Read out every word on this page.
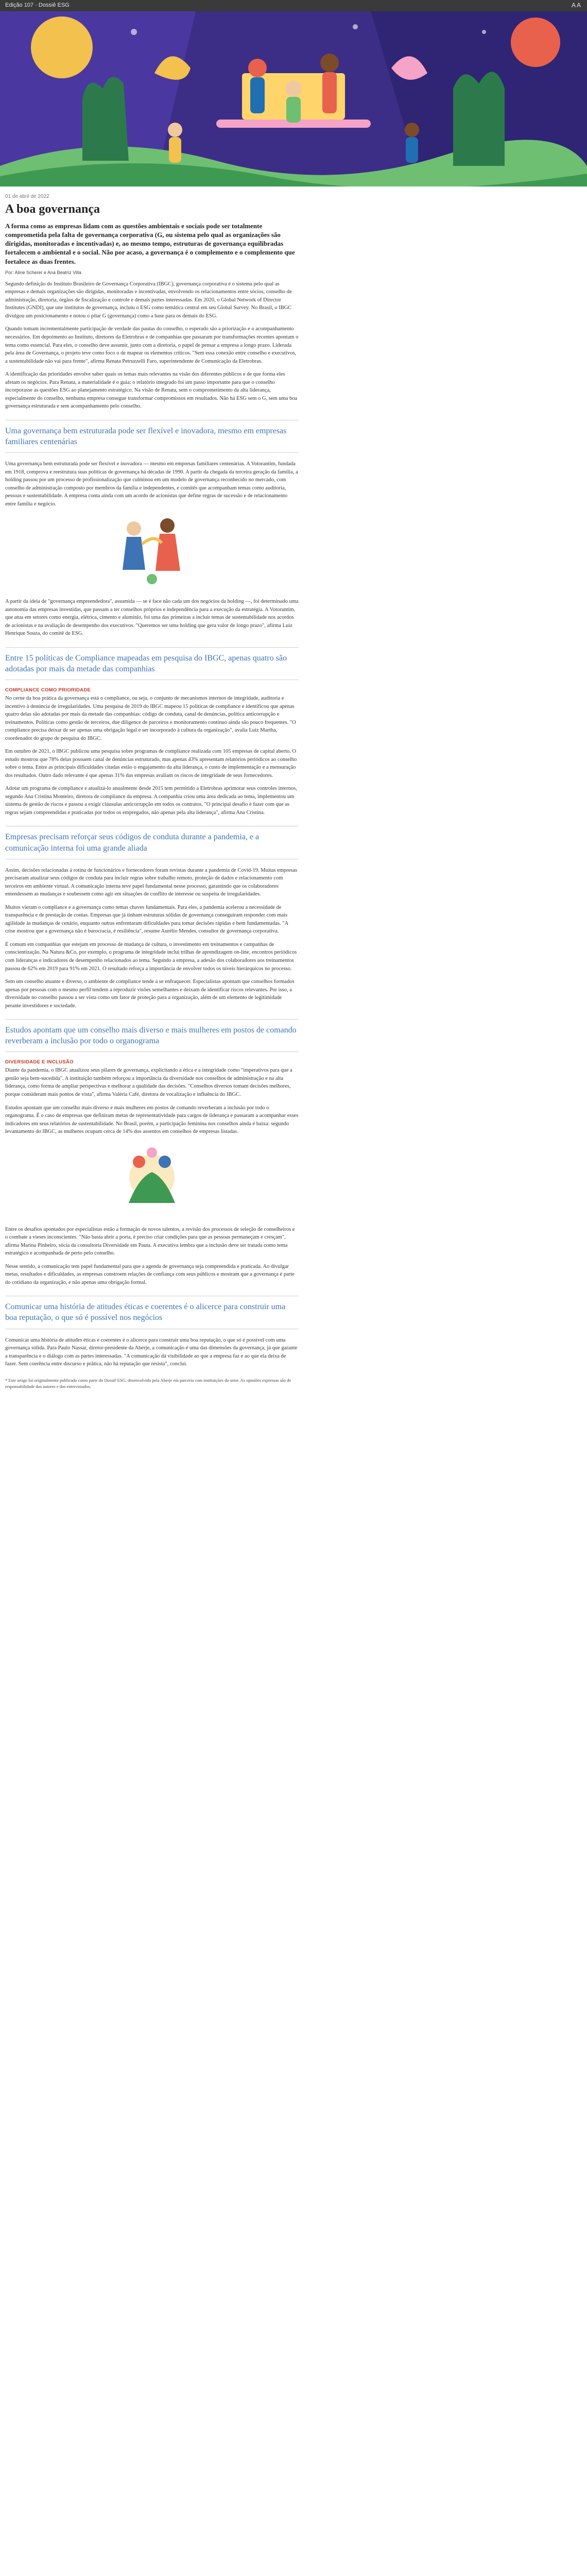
Edição 107 · Dossiê ESG	AA
01 de abril de 2022
A boa governança

A forma como as empresas lidam com as questões ambientais e sociais pode ser totalmente comprometida pela falta de governança corporativa (G, ou sistema pelo qual as organizações são dirigidas, monitoradas e incentivadas) e, ao mesmo tempo, estruturas de governança equilibradas fortalecem o ambiental e o social. Não por acaso, a governança é o complemento e o complemento que fortalece as duas frentes.

Por: Aline Scherer e Ana Beatriz Villa

Segundo definição do Instituto Brasileiro de Governança Corporativa (IBGC), governança corporativa é o sistema pelo qual as empresas e demais organizações são dirigidas, monitoradas e incentivadas, envolvendo os relacionamentos entre sócios, conselho de administração, diretoria, órgãos de fiscalização e controle e demais partes interessadas. Em 2020, o Global Network of Director Institutes (GNDI), que une institutos de governança, incluiu o ESG como temática central em seu Global Survey. No Brasil, o IBGC divulgou um posicionamento e notou o pilar G (governança) como a base para os demais do ESG.

Quando tomam incrementalmente participação de verdade das pautas do conselho, o esperado são a priorização e o acompanhamento necessários. Em depoimento ao Instituto, diretores da Eletrobras e de companhias que passaram por transformações recentes apontam o tema como essencial. Para eles, o conselho deve assumir, junto com a diretoria, o papel de pensar a empresa a longo prazo. Liderada pela área de Governança, o projeto teve como foco o de mapear os elementos críticos. "Sem essa conexão entre conselho e executivos, a sustentabilidade não vai para frente", afirma Renata Petruzzelli Faro, superintendente de Comunicação da Eletrobras.

A identificação das prioridades envolve saber quais os temas mais relevantes na visão dos diferentes públicos e de que forma eles afetam os negócios. Para Renata, a materialidade é o guia: o relatório integrado foi um passo importante para que o conselho incorporasse as questões ESG ao planejamento estratégico. Na visão de Renata, sem o comprometimento da alta liderança, especialmente do conselho, nenhuma empresa consegue transformar compromissos em resultados. Não há ESG sem o G, sem uma boa governança estruturada e sem acompanhamento pelo conselho.

Uma governança bem estruturada pode ser flexível e inovadora, mesmo em empresas familiares centenárias

Uma governança bem estruturada pode ser flexível e inovadora — mesmo em empresas familiares centenárias. A Votorantim, fundada em 1918, comprova e reestrutura suas políticas de governança há décadas de 1990. A partir da chegada da terceira geração da família, a holding passou por um processo de profissionalização que culminou em um modelo de governança reconhecido no mercado, com conselho de administração composto por membros da família e independentes, e comitês que acompanham temas como auditoria, pessoas e sustentabilidade. A empresa conta ainda com um acordo de acionistas que define regras de sucessão e de relacionamento entre família e negócio.

A partir da ideia de "governança empreendedora", assumida — se é face não cada um dos negócios da holding —, foi determinado uma autonomia das empresas investidas, que passam a ter conselhos próprios e independência para a execução da estratégia. A Votorantim, que atua em setores como energia, elétrica, cimento e alumínio, foi uma das primeiras a incluir temas de sustentabilidade nos acordos de acionistas e na avaliação de desempenho dos executivos. "Queremos ser uma holding que gera valor de longo prazo", afirma Luiz Henrique Souza, do comitê de ESG.

Entre 15 políticas de Compliance mapeadas em pesquisa do IBGC, apenas quatro são adotadas por mais da metade das companhias
COMPLIANCE COMO PRIORIDADE

No cerne da boa prática da governança está o compliance, ou seja, o conjunto de mecanismos internos de integridade, auditoria e incentivo à denúncia de irregularidades. Uma pesquisa de 2019 do IBGC mapeou 15 políticas de compliance e identificou que apenas quatro delas são adotadas por mais da metade das companhias: código de conduta, canal de denúncias, política anticorrupção e treinamentos. Políticas como gestão de terceiros, due diligence de parceiros e monitoramento contínuo ainda são pouco frequentes. "O compliance precisa deixar de ser apenas uma obrigação legal e ser incorporado à cultura da organização", avalia Luiz Martha, coordenador do grupo de pesquisa do IBGC.

Em outubro de 2021, o IBGC publicou uma pesquisa sobre programas de compliance realizada com 105 empresas de capital aberto. O estudo mostrou que 78% delas possuem canal de denúncias estruturado, mas apenas 43% apresentam relatórios periódicos ao conselho sobre o tema. Entre as principais dificuldades citadas estão o engajamento da alta liderança, o custo de implementação e a mensuração dos resultados. Outro dado relevante é que apenas 31% das empresas avaliam os riscos de integridade de seus fornecedores.

Adotar um programa de compliance e atualizá-lo anualmente desde 2015 tem permitido a Eletrobras aprimorar seus controles internos, segundo Ana Cristina Monteiro, diretora de compliance da empresa. A companhia criou uma área dedicada ao tema, implementou um sistema de gestão de riscos e passou a exigir cláusulas anticorrupção em todos os contratos. "O principal desafio é fazer com que as regras sejam compreendidas e praticadas por todos os empregados, não apenas pela alta liderança", afirma Ana Cristina.

Empresas precisam reforçar seus códigos de conduta durante a pandemia, e a comunicação interna foi uma grande aliada

Assim, decisões relacionadas à rotina de funcionários e fornecedores foram revistas durante a pandemia de Covid-19. Muitas empresas precisaram atualizar seus códigos de conduta para incluir regras sobre trabalho remoto, proteção de dados e relacionamento com terceiros em ambiente virtual. A comunicação interna teve papel fundamental nesse processo, garantindo que os colaboradores entendessem as mudanças e soubessem como agir em situações de conflito de interesse ou suspeita de irregularidades.

Muitos vieram o compliance e a governança como temas chaves fundamentais. Para eles, a pandemia acelerou a necessidade de transparência e de prestação de contas. Empresas que já tinham estruturas sólidas de governança conseguiram responder com mais agilidade às mudanças de cenário, enquanto outras enfrentaram dificuldades para tomar decisões rápidas e bem fundamentadas. "A crise mostrou que a governança não é burocracia, é resiliência", resume Aurélio Mendes, consultor de governança corporativa.

É comum em companhias que estejam em processo de mudança de cultura, o investimento em treinamentos e campanhas de conscientização. Na Natura &Co, por exemplo, o programa de integridade inclui trilhas de aprendizagem on-line, encontros periódicos com lideranças e indicadores de desempenho relacionados ao tema. Segundo a empresa, a adesão dos colaboradores aos treinamentos passou de 62% em 2019 para 91% em 2021. O resultado reforça a importância de envolver todos os níveis hierárquicos no processo.

Sem um conselho atuante e diverso, o ambiente de compliance tende a se enfraquecer. Especialistas apontam que conselhos formados apenas por pessoas com o mesmo perfil tendem a reproduzir visões semelhantes e deixam de identificar riscos relevantes. Por isso, a diversidade no conselho passou a ser vista como um fator de proteção para a organização, além de um elemento de legitimidade perante investidores e sociedade.

Estudos apontam que um conselho mais diverso e mais mulheres em postos de comando reverberam a inclusão por todo o organograma
DIVERSIDADE E INCLUSÃO

Diante da pandemia, o IBGC atualizou seus pilares de governança, explicitando a ética e a integridade como "imperativos para que a gestão seja bem-sucedida". A instituição também reforçou a importância da diversidade nos conselhos de administração e na alta liderança, como forma de ampliar perspectivas e melhorar a qualidade das decisões. "Conselhos diversos tomam decisões melhores, porque consideram mais pontos de vista", afirma Valéria Café, diretora de vocalização e influência do IBGC.

Estudos apontam que um conselho mais diverso e mais mulheres em postos de comando reverberam a inclusão por todo o organograma. É o caso de empresas que definiram metas de representatividade para cargos de liderança e passaram a acompanhar esses indicadores em seus relatórios de sustentabilidade. No Brasil, porém, a participação feminina nos conselhos ainda é baixa: segundo levantamento do IBGC, as mulheres ocupam cerca de 14% dos assentos em conselhos de empresas listadas.

Entre os desafios apontados por especialistas estão a formação de novos talentos, a revisão dos processos de seleção de conselheiros e o combate a vieses inconscientes. "Não basta abrir a porta, é preciso criar condições para que as pessoas permaneçam e cresçam", afirma Marina Pinheiro, sócia da consultoria Diversidade em Pauta. A executiva lembra que a inclusão deve ser tratada como tema estratégico e acompanhada de perto pelo conselho.

Nesse sentido, a comunicação tem papel fundamental para que a agenda de governança seja compreendida e praticada. Ao divulgar metas, resultados e dificuldades, as empresas constroem relações de confiança com seus públicos e mostram que a governança é parte do cotidiano da organização, e não apenas uma obrigação formal.

Comunicar uma história de atitudes éticas e coerentes é o alicerce para construir uma boa reputação, o que só é possível nos negócios

Comunicar uma história de atitudes éticas e coerentes é o alicerce para construir uma boa reputação, o que só é possível com uma governança sólida. Para Paulo Nassar, diretor-presidente da Aberje, a comunicação é uma das dimensões da governança, já que garante a transparência e o diálogo com as partes interessadas. "A comunicação dá visibilidade ao que a empresa faz e ao que ela deixa de fazer. Sem coerência entre discurso e prática, não há reputação que resista", conclui.

* Este artigo foi originalmente publicado como parte do Dossiê ESG, desenvolvido pela Aberje em parceria com instituições do setor. As opiniões expressas são de responsabilidade dos autores e dos entrevistados.
